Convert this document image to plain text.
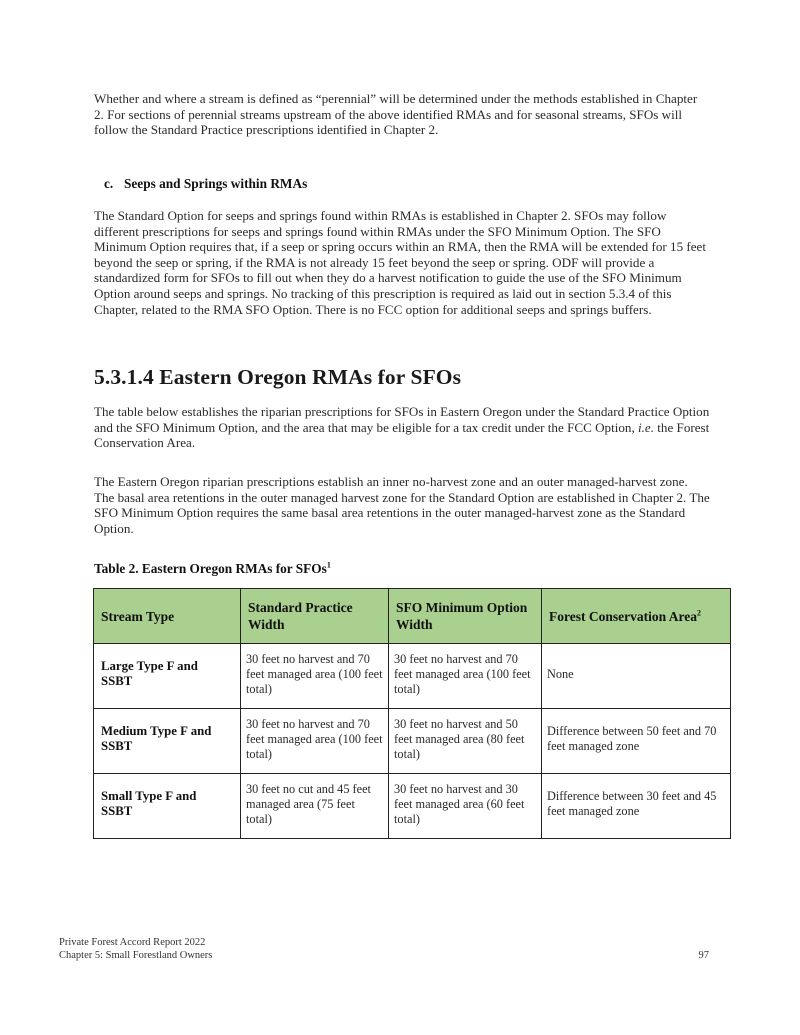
Whether and where a stream is defined as “perennial” will be determined under the methods established in Chapter 2. For sections of perennial streams upstream of the above identified RMAs and for seasonal streams, SFOs will follow the Standard Practice prescriptions identified in Chapter 2.

c. Seeps and Springs within RMAs

The Standard Option for seeps and springs found within RMAs is established in Chapter 2. SFOs may follow different prescriptions for seeps and springs found within RMAs under the SFO Minimum Option. The SFO Minimum Option requires that, if a seep or spring occurs within an RMA, then the RMA will be extended for 15 feet beyond the seep or spring, if the RMA is not already 15 feet beyond the seep or spring. ODF will provide a standardized form for SFOs to fill out when they do a harvest notification to guide the use of the SFO Minimum Option around seeps and springs. No tracking of this prescription is required as laid out in section 5.3.4 of this Chapter, related to the RMA SFO Option. There is no FCC option for additional seeps and springs buffers.

5.3.1.4 Eastern Oregon RMAs for SFOs

The table below establishes the riparian prescriptions for SFOs in Eastern Oregon under the Standard Practice Option and the SFO Minimum Option, and the area that may be eligible for a tax credit under the FCC Option, i.e. the Forest Conservation Area.

The Eastern Oregon riparian prescriptions establish an inner no-harvest zone and an outer managed-harvest zone. The basal area retentions in the outer managed harvest zone for the Standard Option are established in Chapter 2. The SFO Minimum Option requires the same basal area retentions in the outer managed-harvest zone as the Standard Option.

Table 2. Eastern Oregon RMAs for SFOs$^1$
Stream Type	Standard Practice Width	SFO Minimum Option Width	Forest Conservation Area$^2$

Large Type F and
SSBT	30 feet no harvest and 70 feet managed area (100 feet total)	30 feet no harvest and 70 feet managed area (100 feet total)	None

Medium Type F and
SSBT	30 feet no harvest and 70 feet managed area (100 feet total)	30 feet no harvest and 50 feet managed area (80 feet total)	Difference between 50 feet and 70 feet managed zone

Small Type F and
SSBT	30 feet no cut and 45 feet managed area (75 feet total)	30 feet no harvest and 30 feet managed area (60 feet total)	Difference between 30 feet and 45 feet managed zone
Private Forest Accord Report 2022
Chapter 5: Small Forestland Owners	97
